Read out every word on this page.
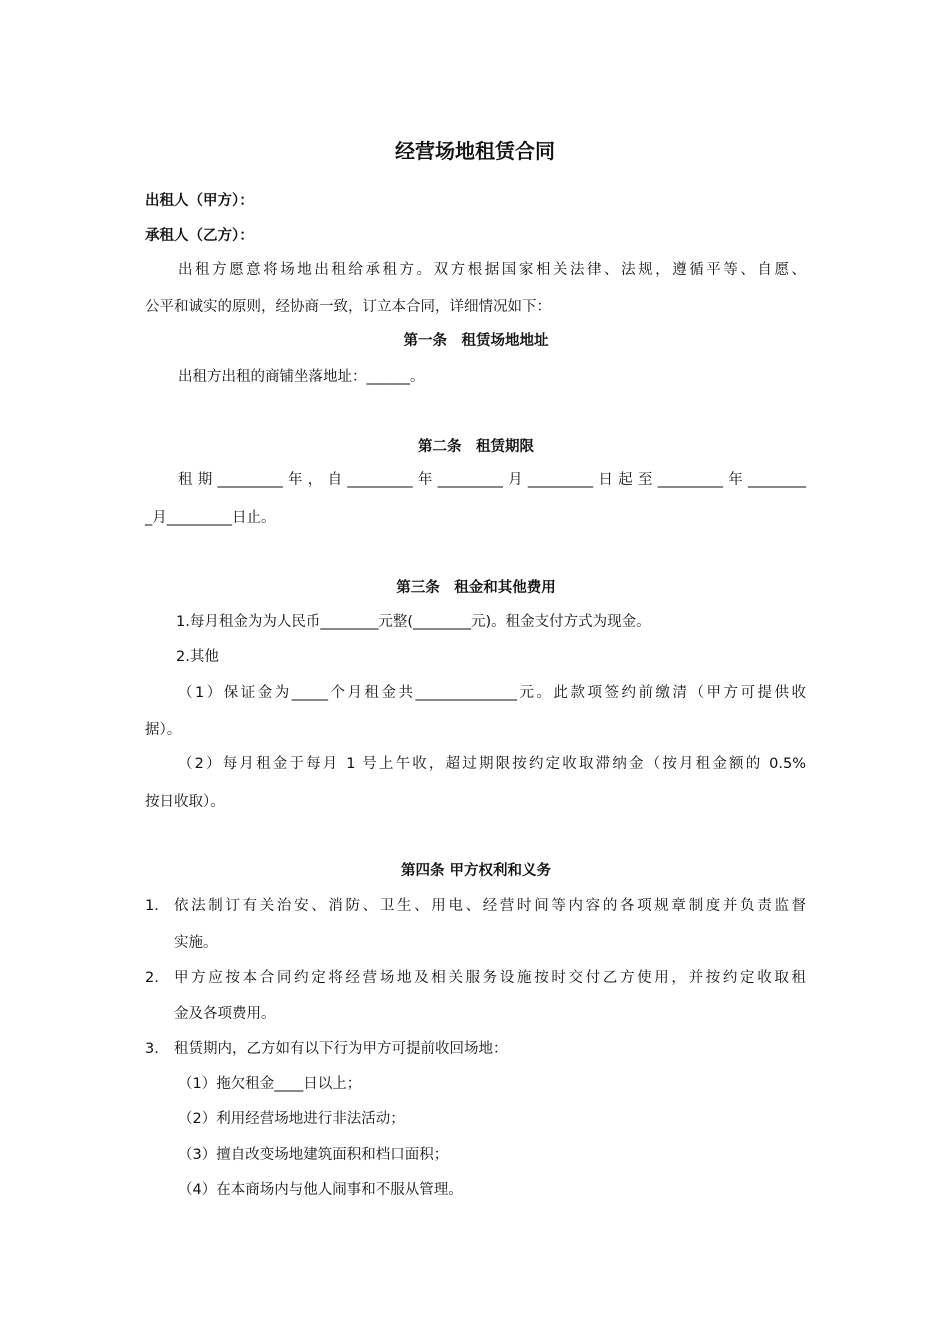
经营场地租赁合同
出租人（甲方）：
承租人（乙方）：
出租方愿意将场地出租给承租方。双方根据国家相关法律、法规，遵循平等、自愿、
公平和诚实的原则，经协商一致，订立本合同，详细情况如下：
第一条　租赁场地地址
出租方出租的商铺坐落地址：______。
第二条　租赁期限
租期_________年，自_________年_________月_________日起至_________年________
_月_________日止。
第三条　租金和其他费用
1.每月租金为为人民币________元整(________元)。租金支付方式为现金。
2.其他
（1）保证金为_____个月租金共______________元。此款项签约前缴清（甲方可提供收
据）。
（2）每月租金于每月 1 号上午收，超过期限按约定收取滞纳金（按月租金额的 0.5%
按日收取）。
第四条 甲方权利和义务
1.	依法制订有关治安、消防、卫生、用电、经营时间等内容的各项规章制度并负责监督
实施。
2.	甲方应按本合同约定将经营场地及相关服务设施按时交付乙方使用，并按约定收取租
金及各项费用。
3.	租赁期内，乙方如有以下行为甲方可提前收回场地：
（1）拖欠租金____日以上；
（2）利用经营场地进行非法活动；
（3）擅自改变场地建筑面积和档口面积；
（4）在本商场内与他人闹事和不服从管理。
